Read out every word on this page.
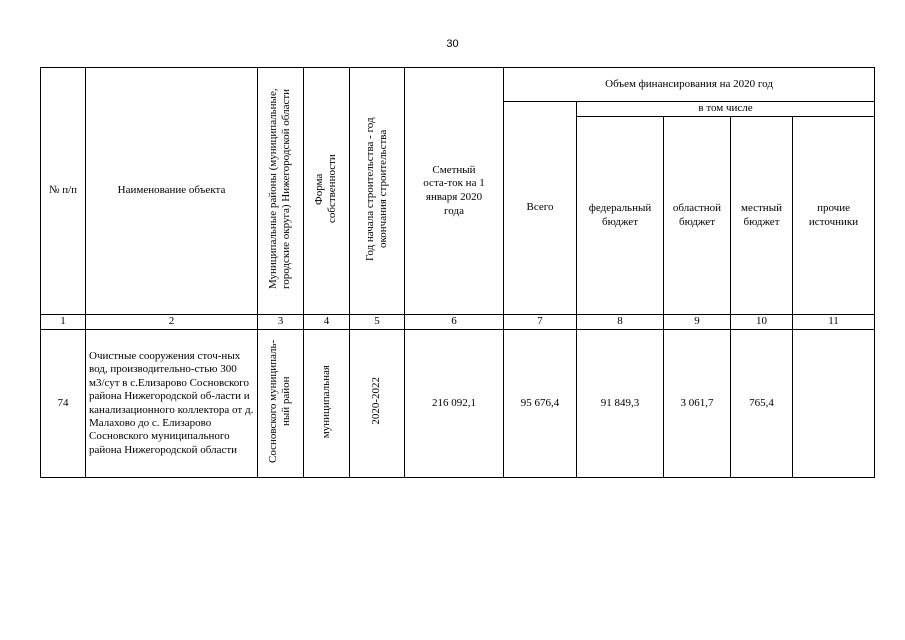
30
№ п/п	Наименование объекта	Муниципальные районы (муниципальные, городские округа) Нижегородской области	Форма собственности	Год начала строительства - год окончания строительства	Сметный оста-ток на 1 января 2020 года	Объем финансирования на 2020 год				
						Всего	в том числе			

							федеральный бюджет	областной бюджет	местный бюджет	прочие источники

1	2	3	4	5	6	7	8	9	10	11
74	Очистные сооружения сточ-ных вод, производительно-стью 300 м3/сут в с.Елизарово Сосновского района Нижегородской об-ласти и канализационного коллектора от д. Малахово до с. Елизарово Сосновского муниципального района Нижегородской области	Сосновского муниципаль-ный район	муниципальная	2020-2022	216 092,1	95 676,4	91 849,3	3 061,7	765,4	
